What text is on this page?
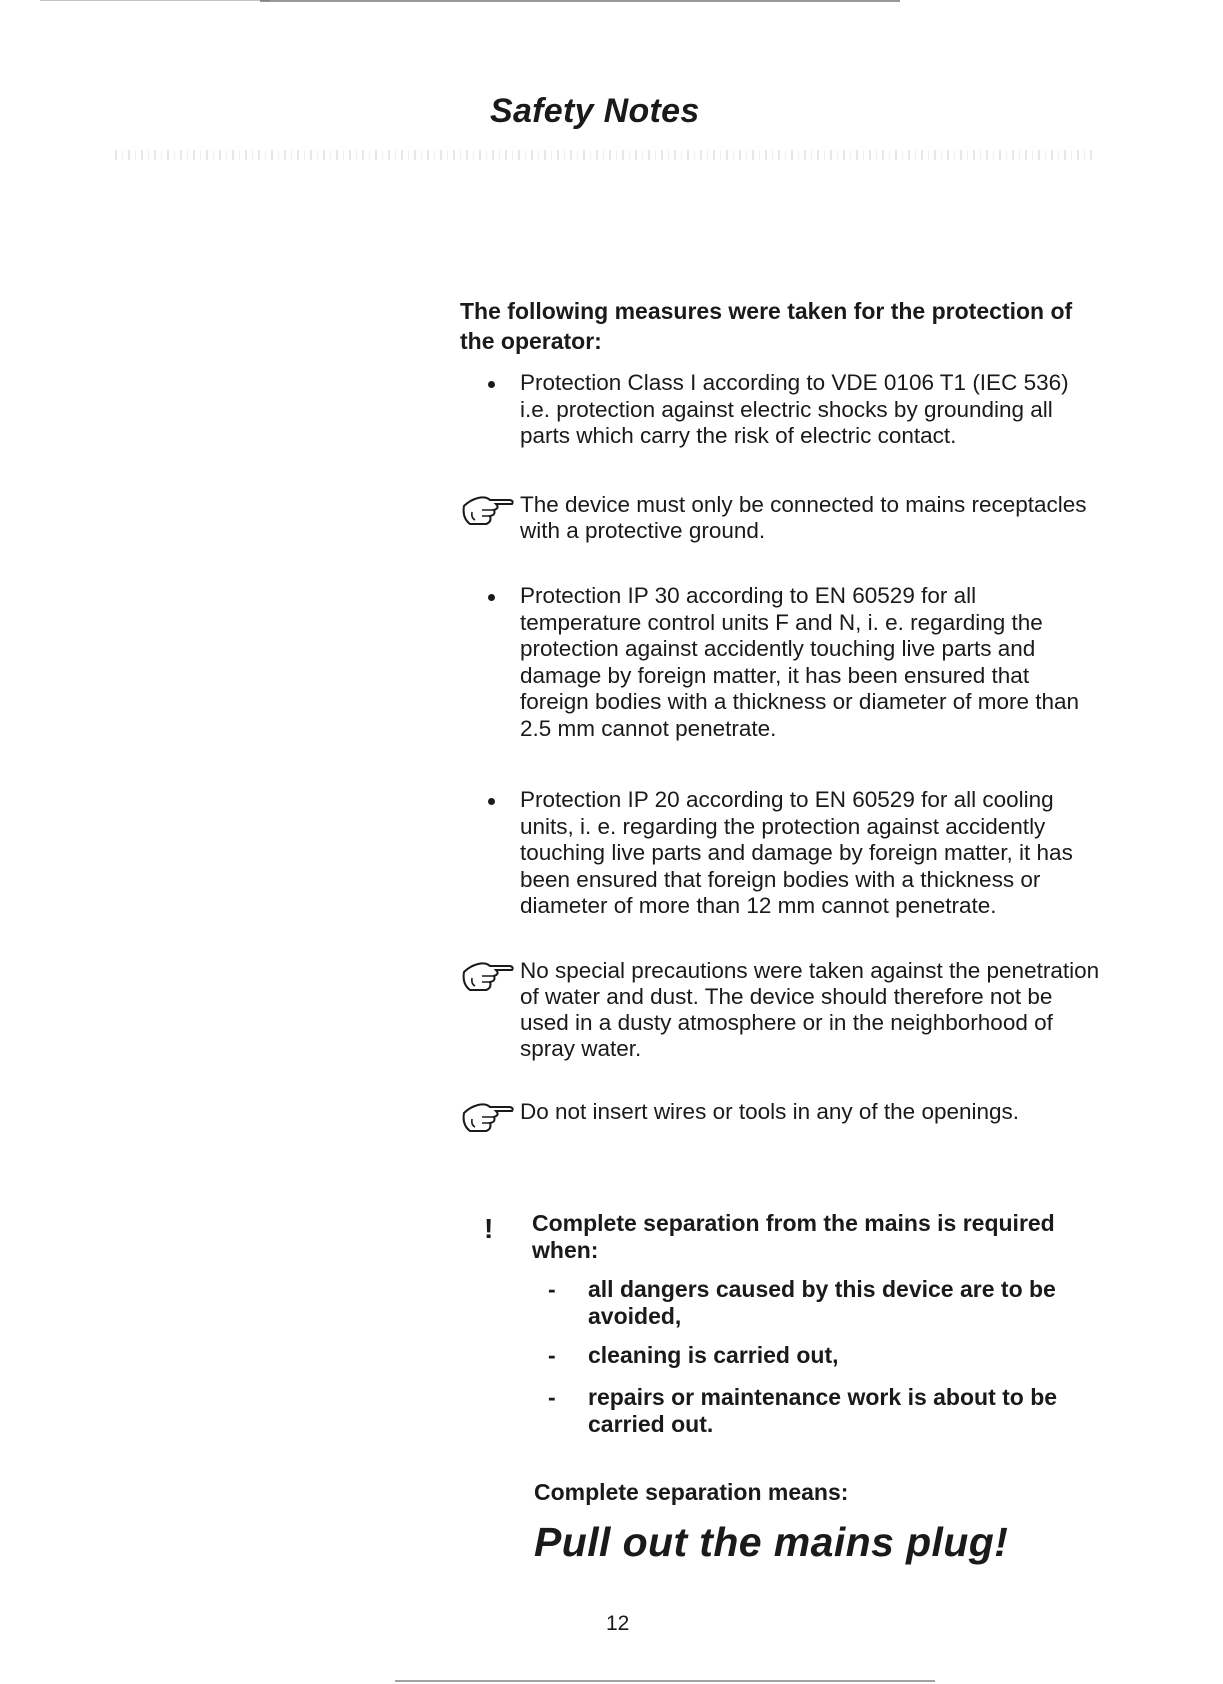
Safety Notes
The following measures were taken for the protection of the operator:
Protection Class I according to VDE 0106 T1 (IEC 536) i.e. protection against electric shocks by grounding all parts which carry the risk of electric contact.
The device must only be connected to mains receptacles with a protective ground.
Protection IP 30 according to EN 60529 for all temperature control units F and N, i. e. regarding the protection against accidently touching live parts and damage by foreign matter, it has been ensured that foreign bodies with a thickness or diameter of more than 2.5 mm cannot penetrate.
Protection IP 20 according to EN 60529 for all cooling units, i. e. regarding the protection against accidently touching live parts and damage by foreign matter, it has been ensured that foreign bodies with a thickness or diameter of more than 12 mm cannot penetrate.
No special precautions were taken against the penetration of water and dust. The device should therefore not be used in a dusty atmosphere or in the neighborhood of spray water.
Do not insert wires or tools in any of the openings.
! Complete separation from the mains is required when:
- all dangers caused by this device are to be avoided,
- cleaning is carried out,
- repairs or maintenance work is about to be carried out.
Complete separation means:
Pull out the mains plug!
12
